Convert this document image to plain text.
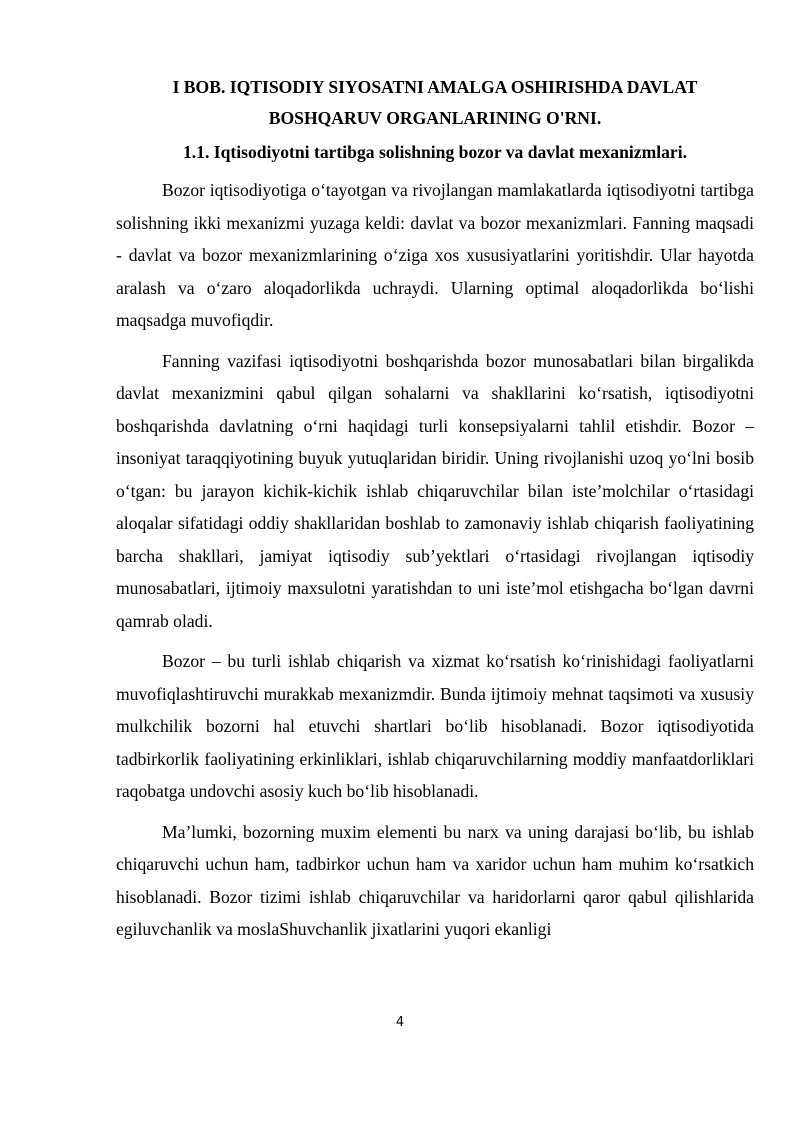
I BOB. IQTISODIY SIYOSATNI AMALGA OSHIRISHDA DAVLAT BOSHQARUV ORGANLARINING O'RNI.
1.1. Iqtisodiyotni tartibga solishning bozor va davlat mexanizmlari.

Bozor iqtisodiyotiga o‘tayotgan va rivojlangan mamlakatlarda iqtisodiyotni tartibga solishning ikki mexanizmi yuzaga keldi: davlat va bozor mexanizmlari. Fanning maqsadi - davlat va bozor mexanizmlarining o‘ziga xos xususiyatlarini yoritishdir. Ular hayotda aralash va o‘zaro aloqadorlikda uchraydi. Ularning optimal aloqadorlikda bo‘lishi maqsadga muvofiqdir.

Fanning vazifasi iqtisodiyotni boshqarishda bozor munosabatlari bilan birgalikda davlat mexanizmini qabul qilgan sohalarni va shakllarini ko‘rsatish, iqtisodiyotni boshqarishda davlatning o‘rni haqidagi turli konsepsiyalarni tahlil etishdir. Bozor – insoniyat taraqqiyotining buyuk yutuqlaridan biridir. Uning rivojlanishi uzoq yo‘lni bosib o‘tgan: bu jarayon kichik-kichik ishlab chiqaruvchilar bilan iste’molchilar o‘rtasidagi aloqalar sifatidagi oddiy shakllaridan boshlab to zamonaviy ishlab chiqarish faoliyatining barcha shakllari, jamiyat iqtisodiy sub’yektlari o‘rtasidagi rivojlangan iqtisodiy munosabatlari, ijtimoiy maxsulotni yaratishdan to uni iste’mol etishgacha bo‘lgan davrni qamrab oladi.

Bozor – bu turli ishlab chiqarish va xizmat ko‘rsatish ko‘rinishidagi faoliyatlarni muvofiqlashtiruvchi murakkab mexanizmdir. Bunda ijtimoiy mehnat taqsimoti va xususiy mulkchilik bozorni hal etuvchi shartlari bo‘lib hisoblanadi. Bozor iqtisodiyotida tadbirkorlik faoliyatining erkinliklari, ishlab chiqaruvchilarning moddiy manfaatdorliklari raqobatga undovchi asosiy kuch bo‘lib hisoblanadi.

Ma’lumki, bozorning muxim elementi bu narx va uning darajasi bo‘lib, bu ishlab chiqaruvchi uchun ham, tadbirkor uchun ham va xaridor uchun ham muhim ko‘rsatkich hisoblanadi. Bozor tizimi ishlab chiqaruvchilar va haridorlarni qaror qabul qilishlarida egiluvchanlik va moslaShuvchanlik jixatlarini yuqori ekanligi

4
